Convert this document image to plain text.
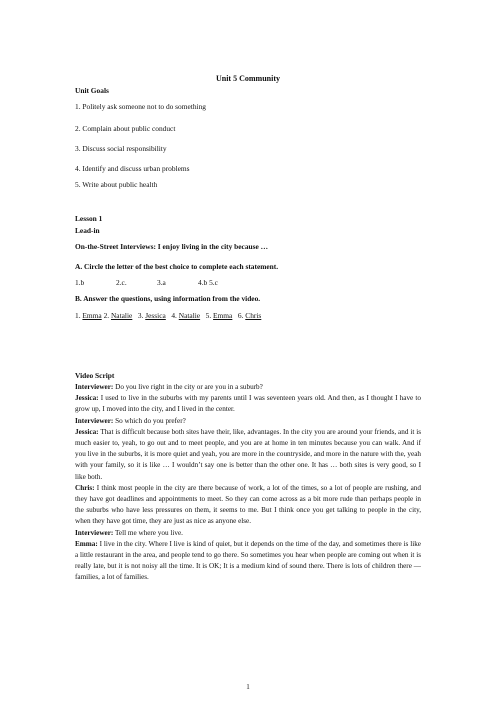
Unit 5 Community
Unit Goals
1. Politely ask someone not to do something
2. Complain about public conduct
3. Discuss social responsibility
4. Identify and discuss urban problems
5. Write about public health
Lesson 1
Lead-in
On-the-Street Interviews: I enjoy living in the city because …
A. Circle the letter of the best choice to complete each statement.
1.b	2.c.	3.a	4.b 5.c
B. Answer the questions, using information from the video.
1. Emma 2. Natalie 3. Jessica 4. Natalie 5. Emma 6. Chris
Video Script
Interviewer: Do you live right in the city or are you in a suburb?
Jessica: I used to live in the suburbs with my parents until I was seventeen years old. And then, as I thought I have to grow up, I moved into the city, and I lived in the center.
Interviewer: So which do you prefer?
Jessica: That is difficult because both sites have their, like, advantages. In the city you are around your friends, and it is much easier to, yeah, to go out and to meet people, and you are at home in ten minutes because you can walk. And if you live in the suburbs, it is more quiet and yeah, you are more in the countryside, and more in the nature with the, yeah with your family, so it is like … I wouldn’t say one is better than the other one. It has … both sites is very good, so I like both.
Chris: I think most people in the city are there because of work, a lot of the times, so a lot of people are rushing, and they have got deadlines and appointments to meet. So they can come across as a bit more rude than perhaps people in the suburbs who have less pressures on them, it seems to me. But I think once you get talking to people in the city, when they have got time, they are just as nice as anyone else.
Interviewer: Tell me where you live.
Emma: I live in the city. Where I live is kind of quiet, but it depends on the time of the day, and sometimes there is like a little restaurant in the area, and people tend to go there. So sometimes you hear when people are coming out when it is really late, but it is not noisy all the time. It is OK; It is a medium kind of sound there. There is lots of children there — families, a lot of families.
1
